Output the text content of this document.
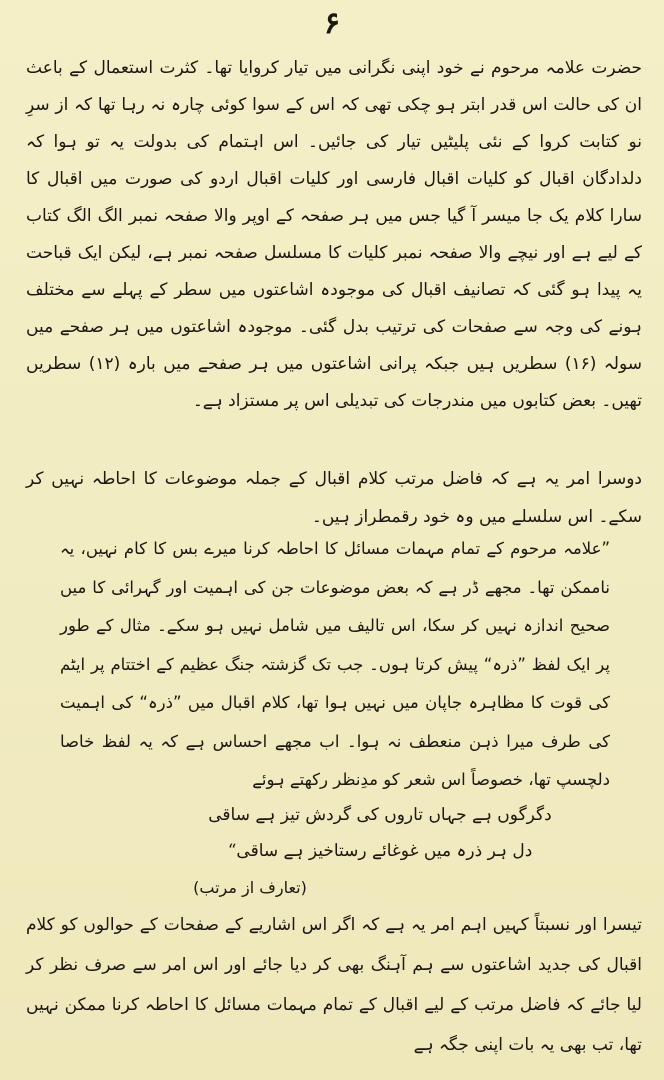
۶

حضرت علامہ مرحوم نے خود اپنی نگرانی میں تیار کروایا تھا۔ کثرت استعمال کے باعث ان کی حالت اس قدر ابتر ہو چکی تھی کہ اس کے سوا کوئی چارہ نہ رہا تھا کہ از سرِ نو کتابت کروا کے نئی پلیٹیں تیار کی جائیں۔ اس اہتمام کی بدولت یہ تو ہوا کہ دلدادگان اقبال کو کلیات اقبال فارسی اور کلیات اقبال اردو کی صورت میں اقبال کا سارا کلام یک جا میسر آ گیا جس میں ہر صفحہ کے اوپر والا صفحہ نمبر الگ الگ کتاب کے لیے ہے اور نیچے والا صفحہ نمبر کلیات کا مسلسل صفحہ نمبر ہے، لیکن ایک قباحت یہ پیدا ہو گئی کہ تصانیف اقبال کی موجودہ اشاعتوں میں سطر کے پہلے سے مختلف ہونے کی وجہ سے صفحات کی ترتیب بدل گئی۔ موجودہ اشاعتوں میں ہر صفحے میں سولہ (۱۶) سطریں ہیں جبکہ پرانی اشاعتوں میں ہر صفحے میں بارہ (۱۲) سطریں تھیں۔ بعض کتابوں میں مندرجات کی تبدیلی اس پر مستزاد ہے۔

دوسرا امر یہ ہے کہ فاضل مرتب کلام اقبال کے جملہ موضوعات کا احاطہ نہیں کر سکے۔ اس سلسلے میں وہ خود رقمطراز ہیں۔

”علامہ مرحوم کے تمام مہمات مسائل کا احاطہ کرنا میرے بس کا کام نہیں، یہ ناممکن تھا۔ مجھے ڈر ہے کہ بعض موضوعات جن کی اہمیت اور گہرائی کا میں صحیح اندازہ نہیں کر سکا، اس تالیف میں شامل نہیں ہو سکے۔ مثال کے طور پر ایک لفظ ”ذرہ“ پیش کرتا ہوں۔ جب تک گزشتہ جنگ عظیم کے اختتام پر ایٹم کی قوت کا مظاہرہ جاپان میں نہیں ہوا تھا، کلام اقبال میں ”ذرہ“ کی اہمیت کی طرف میرا ذہن منعطف نہ ہوا۔ اب مجھے احساس ہے کہ یہ لفظ خاصا دلچسپ تھا، خصوصاً اس شعر کو مدِنظر رکھتے ہوئے

دگرگوں ہے جہاں تاروں کی گردش تیز ہے ساقی
دل ہر ذرہ میں غوغائے رستاخیز ہے ساقی“
(تعارف از مرتب)

تیسرا اور نسبتاً کہیں اہم امر یہ ہے کہ اگر اس اشاریے کے صفحات کے حوالوں کو کلام اقبال کی جدید اشاعتوں سے ہم آہنگ بھی کر دیا جائے اور اس امر سے صرف نظر کر لیا جائے کہ فاضل مرتب کے لیے اقبال کے تمام مہمات مسائل کا احاطہ کرنا ممکن نہیں تھا، تب بھی یہ بات اپنی جگہ ہے
